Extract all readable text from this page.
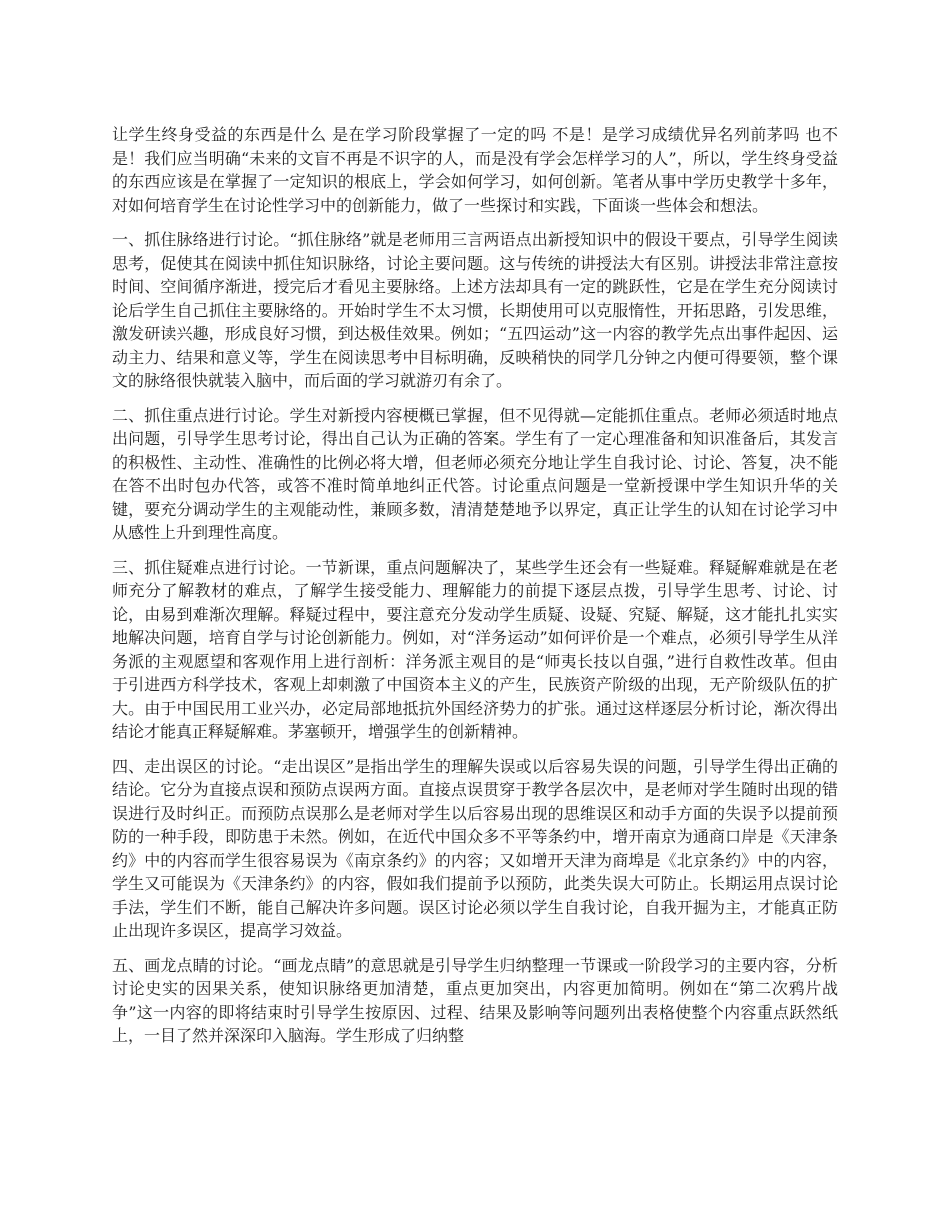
让学生终身受益的东西是什么 是在学习阶段掌握了一定的吗 不是！是学习成绩优异名列前茅吗 也不是！我们应当明确“未来的文盲不再是不识字的人，而是没有学会怎样学习的人”，所以，学生终身受益的东西应该是在掌握了一定知识的根底上，学会如何学习，如何创新。笔者从事中学历史教学十多年，对如何培育学生在讨论性学习中的创新能力，做了一些探讨和实践，下面谈一些体会和想法。

一、抓住脉络进行讨论。“抓住脉络”就是老师用三言两语点出新授知识中的假设干要点，引导学生阅读思考，促使其在阅读中抓住知识脉络，讨论主要问题。这与传统的讲授法大有区别。讲授法非常注意按时间、空间循序渐进，授完后才看见主要脉络。上述方法却具有一定的跳跃性，它是在学生充分阅读讨论后学生自己抓住主要脉络的。开始时学生不太习惯，长期使用可以克服惰性，开拓思路，引发思维，激发研读兴趣，形成良好习惯，到达极佳效果。例如；“五四运动”这一内容的教学先点出事件起因、运动主力、结果和意义等，学生在阅读思考中目标明确，反映稍快的同学几分钟之内便可得要领，整个课文的脉络很快就装入脑中，而后面的学习就游刃有余了。

二、抓住重点进行讨论。学生对新授内容梗概已掌握，但不见得就—定能抓住重点。老师必须适时地点出问题，引导学生思考讨论，得出自己认为正确的答案。学生有了一定心理准备和知识准备后，其发言的积极性、主动性、准确性的比例必将大增，但老师必须充分地让学生自我讨论、讨论、答复，决不能在答不出时包办代答，或答不准时简单地纠正代答。讨论重点问题是一堂新授课中学生知识升华的关键，要充分调动学生的主观能动性，兼顾多数，清清楚楚地予以界定，真正让学生的认知在讨论学习中从感性上升到理性高度。

三、抓住疑难点进行讨论。一节新课，重点问题解决了，某些学生还会有一些疑难。释疑解难就是在老师充分了解教材的难点，了解学生接受能力、理解能力的前提下逐层点拨，引导学生思考、讨论、讨论，由易到难渐次理解。释疑过程中，要注意充分发动学生质疑、设疑、究疑、解疑，这才能扎扎实实地解决问题，培育自学与讨论创新能力。例如，对“洋务运动”如何评价是一个难点，必须引导学生从洋务派的主观愿望和客观作用上进行剖析：洋务派主观目的是“师夷长技以自强，”进行自救性改革。但由于引进西方科学技术，客观上却刺激了中国资本主义的产生，民族资产阶级的出现，无产阶级队伍的扩大。由于中国民用工业兴办，必定局部地抵抗外国经济势力的扩张。通过这样逐层分析讨论，渐次得出结论才能真正释疑解难。茅塞顿开，增强学生的创新精神。

四、走出误区的讨论。“走出误区”是指出学生的理解失误或以后容易失误的问题，引导学生得出正确的结论。它分为直接点误和预防点误两方面。直接点误贯穿于教学各层次中，是老师对学生随时出现的错误进行及时纠正。而预防点误那么是老师对学生以后容易出现的思维误区和动手方面的失误予以提前预防的一种手段，即防患于未然。例如，在近代中国众多不平等条约中，增开南京为通商口岸是《天津条约》中的内容而学生很容易误为《南京条约》的内容；又如增开天津为商埠是《北京条约》中的内容，学生又可能误为《天津条约》的内容，假如我们提前予以预防，此类失误大可防止。长期运用点误讨论手法，学生们不断，能自己解决许多问题。误区讨论必须以学生自我讨论，自我开掘为主，才能真正防止出现许多误区，提高学习效益。

五、画龙点睛的讨论。“画龙点睛”的意思就是引导学生归纳整理一节课或一阶段学习的主要内容，分析讨论史实的因果关系，使知识脉络更加清楚，重点更加突出，内容更加简明。例如在“第二次鸦片战争”这一内容的即将结束时引导学生按原因、过程、结果及影响等问题列出表格使整个内容重点跃然纸上，一目了然并深深印入脑海。学生形成了归纳整
